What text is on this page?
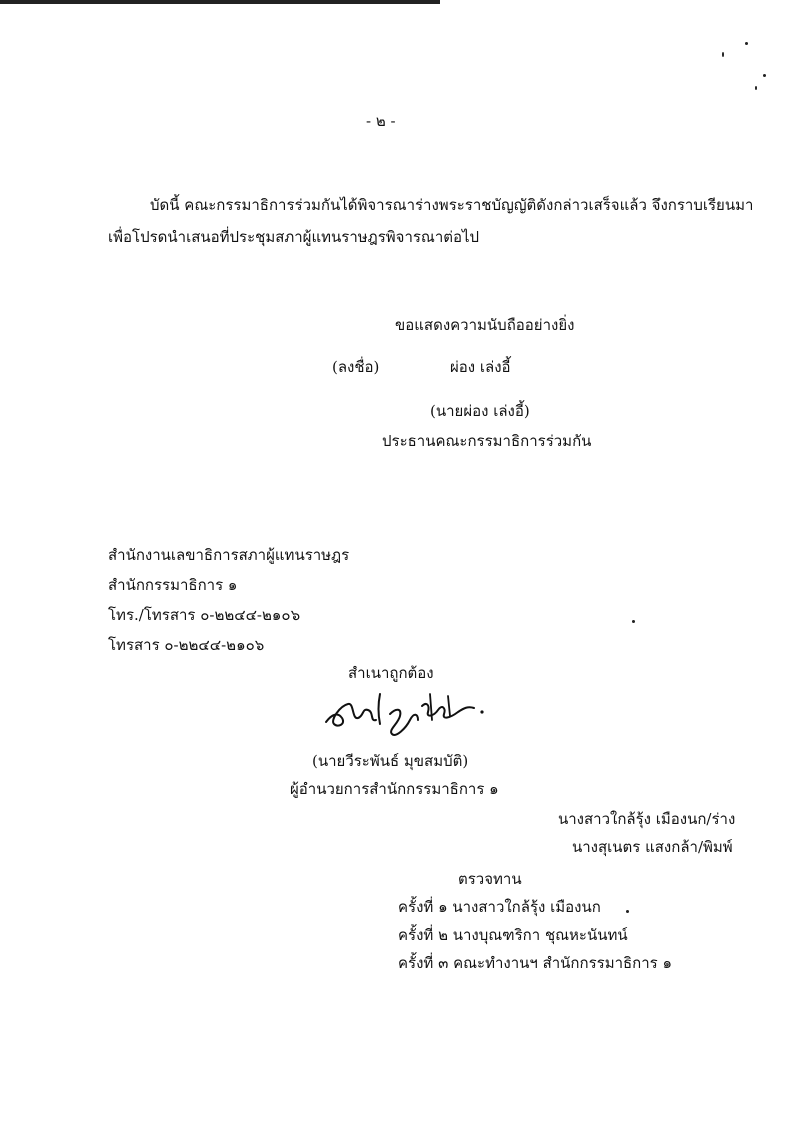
- ๒ -
บัดนี้ คณะกรรมาธิการร่วมกันได้พิจารณาร่างพระราชบัญญัติดังกล่าวเสร็จแล้ว จึงกราบเรียนมา
เพื่อโปรดนำเสนอที่ประชุมสภาผู้แทนราษฎรพิจารณาต่อไป
ขอแสดงความนับถืออย่างยิ่ง
(ลงชื่อ)	ผ่อง เล่งอี้
(นายผ่อง เล่งอี้)
ประธานคณะกรรมาธิการร่วมกัน
สำนักงานเลขาธิการสภาผู้แทนราษฎร
สำนักกรรมาธิการ ๑
โทร./โทรสาร ๐-๒๒๔๔-๒๑๐๖
โทรสาร ๐-๒๒๔๔-๒๑๐๖
สำเนาถูกต้อง
(นายวีระพันธ์ มุขสมบัติ)
ผู้อำนวยการสำนักกรรมาธิการ ๑
นางสาวใกล้รุ้ง เมืองนก/ร่าง
นางสุเนตร แสงกล้า/พิมพ์
ตรวจทาน
ครั้งที่ ๑ นางสาวใกล้รุ้ง เมืองนก
ครั้งที่ ๒ นางบุณฑริกา ชุณหะนันทน์
ครั้งที่ ๓ คณะทำงานฯ สำนักกรรมาธิการ ๑
